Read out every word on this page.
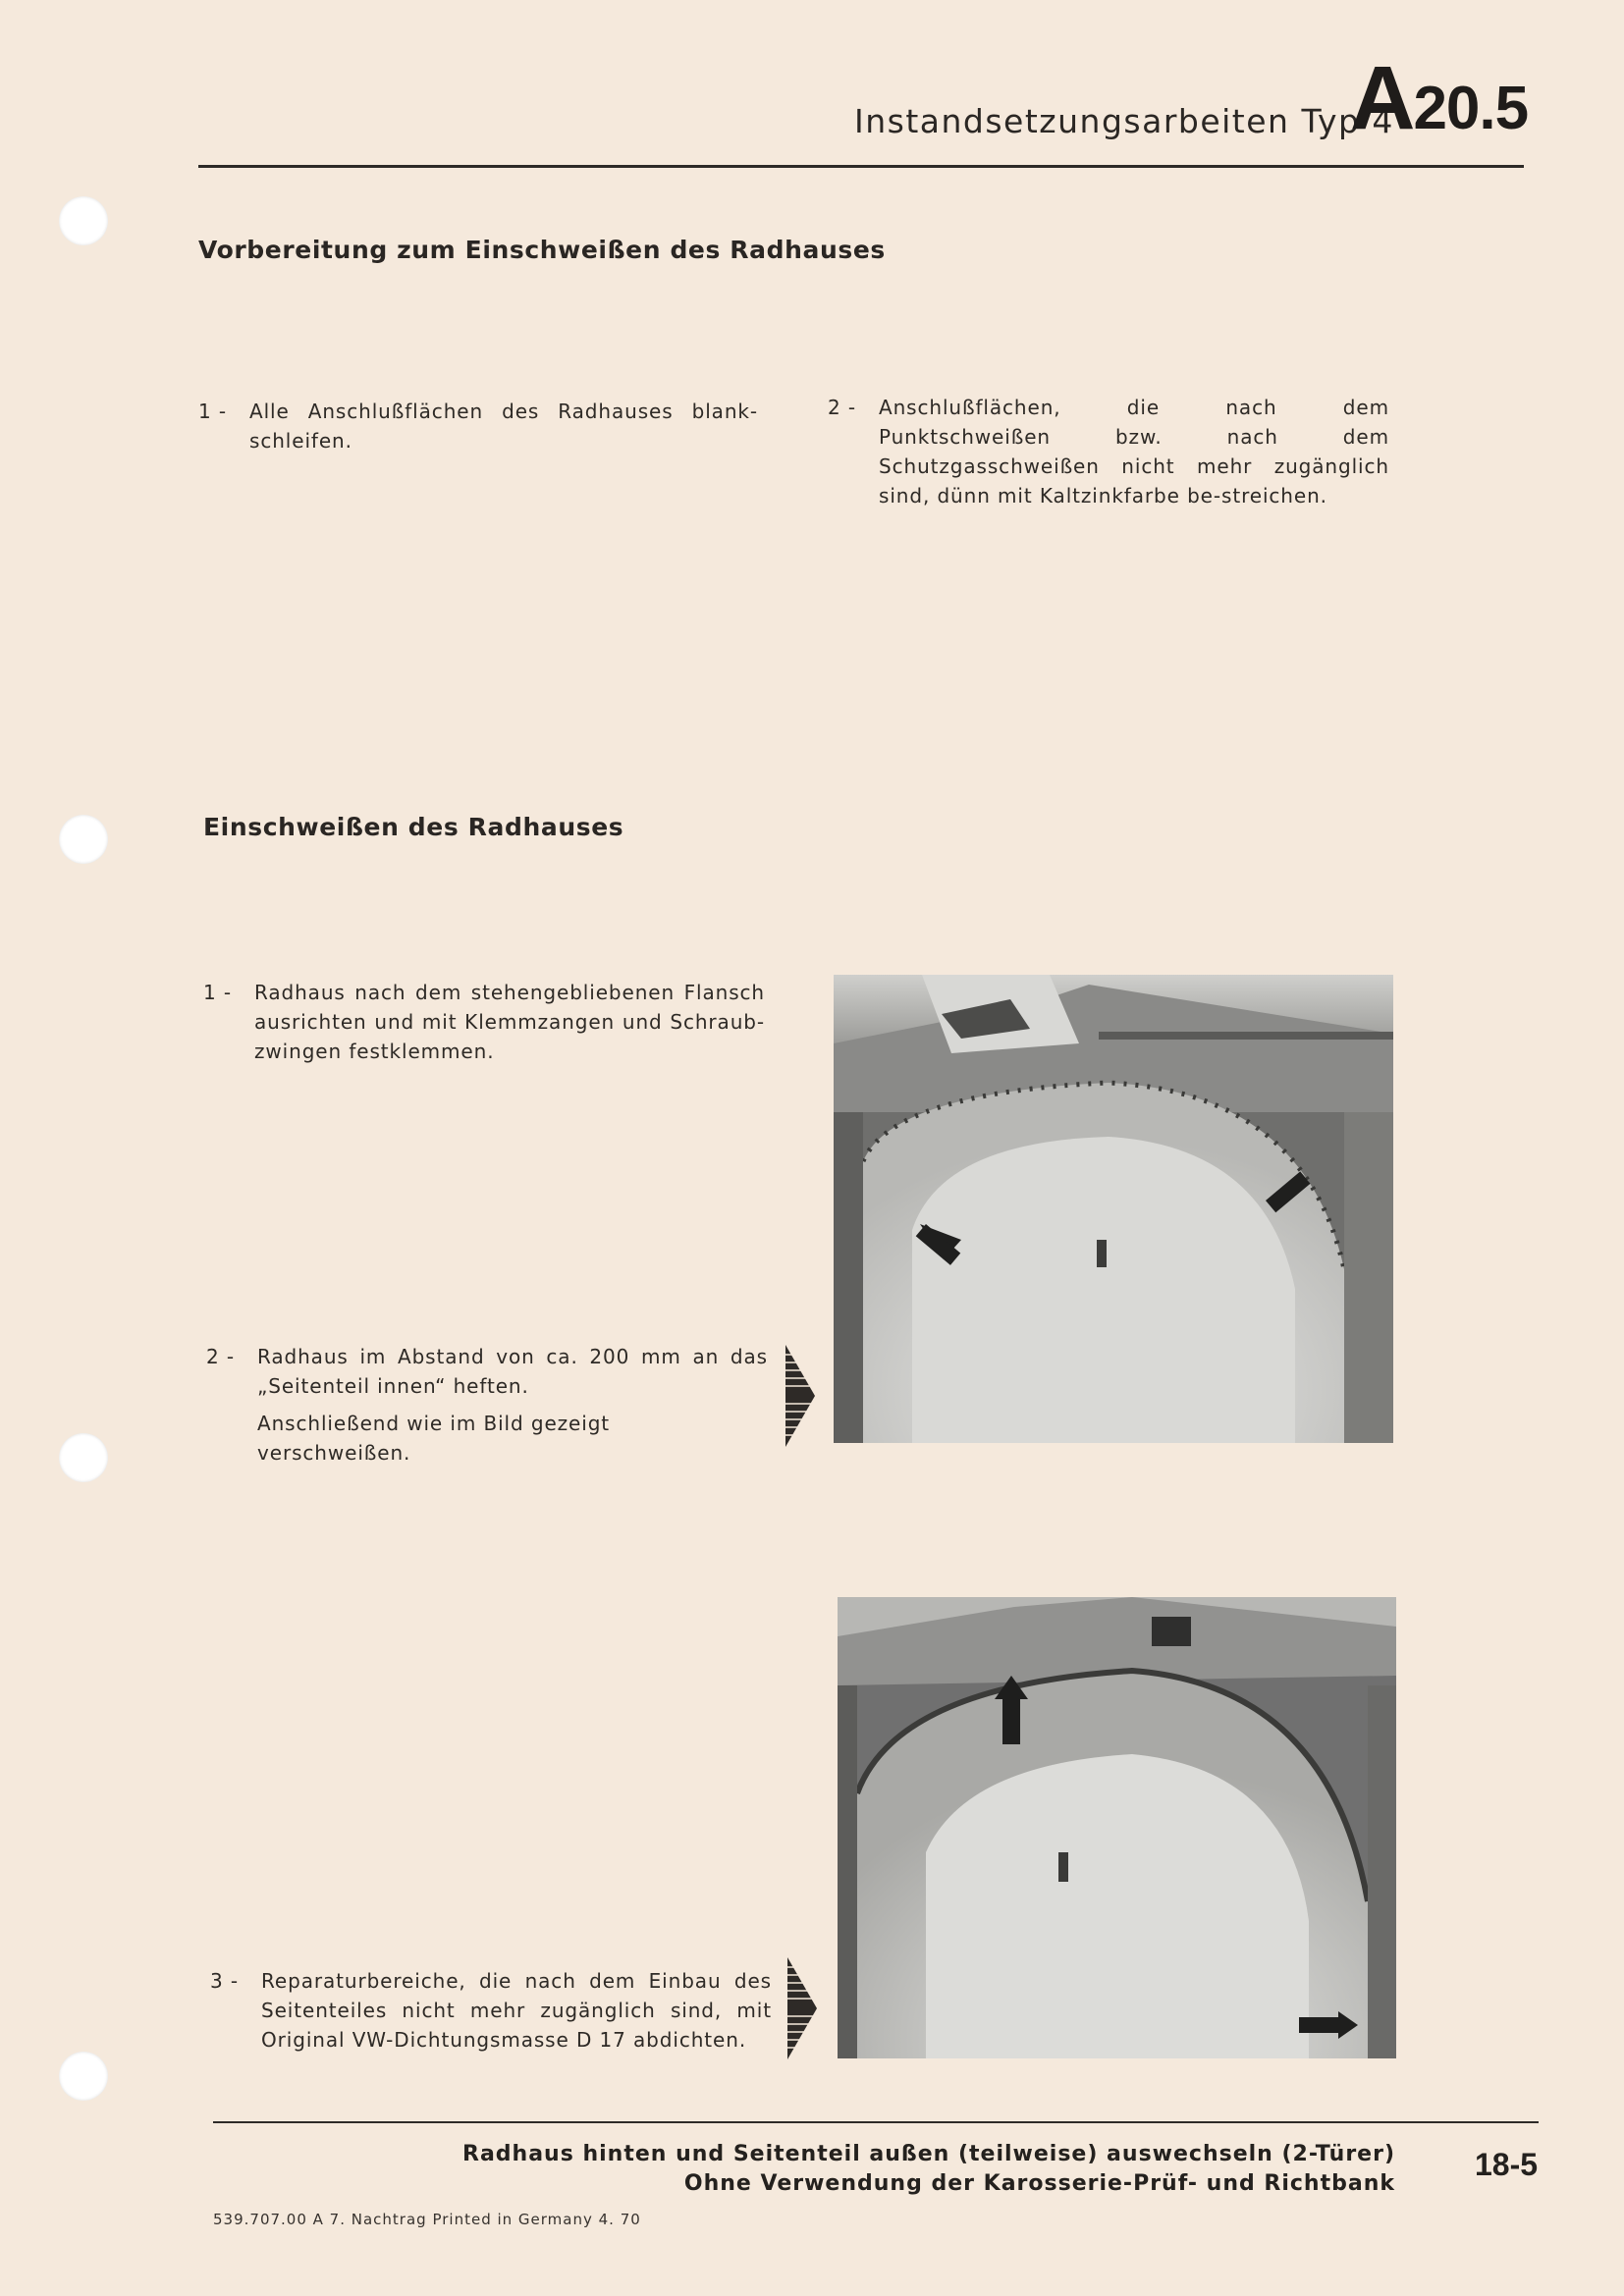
Instandsetzungsarbeiten Typ 4
A20.5
Vorbereitung zum Einschweißen des Radhauses
1 - Alle Anschlußflächen des Radhauses blank-schleifen.
2 - Anschlußflächen, die nach dem Punktschweißen bzw. nach dem Schutzgasschweißen nicht mehr zugänglich sind, dünn mit Kaltzinkfarbe be-streichen.
Einschweißen des Radhauses
1 - Radhaus nach dem stehengebliebenen Flansch ausrichten und mit Klemmzangen und Schraub-zwingen festklemmen.
2 - Radhaus im Abstand von ca. 200 mm an das „Seitenteil innen“ heften.
Anschließend wie im Bild gezeigt verschweißen.
3 - Reparaturbereiche, die nach dem Einbau des Seitenteiles nicht mehr zugänglich sind, mit Original VW-Dichtungsmasse D 17 abdichten.
Radhaus hinten und Seitenteil außen (teilweise) auswechseln (2-Türer)
Ohne Verwendung der Karosserie-Prüf- und Richtbank
18-5
539.707.00 A 7. Nachtrag Printed in Germany 4. 70
